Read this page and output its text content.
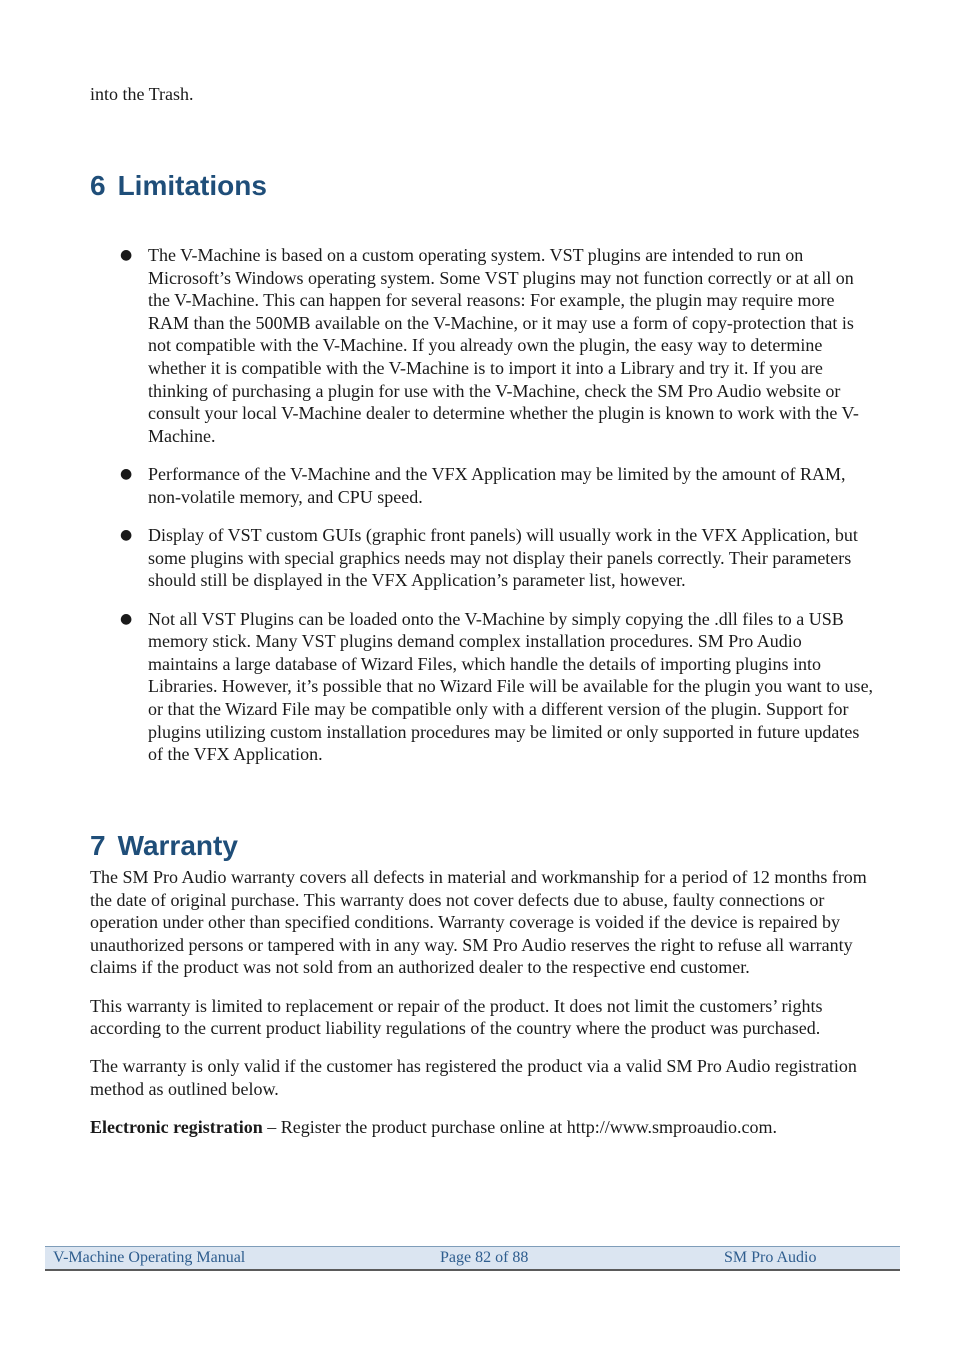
into the Trash.
6 Limitations
● The V-Machine is based on a custom operating system. VST plugins are intended to run on Microsoft’s Windows operating system. Some VST plugins may not function correctly or at all on the V-Machine. This can happen for several reasons: For example, the plugin may require more RAM than the 500MB available on the V-Machine, or it may use a form of copy-protection that is not compatible with the V-Machine. If you already own the plugin, the easy way to determine whether it is compatible with the V-Machine is to import it into a Library and try it. If you are thinking of purchasing a plugin for use with the V-Machine, check the SM Pro Audio website or consult your local V-Machine dealer to determine whether the plugin is known to work with the V-Machine.
● Performance of the V-Machine and the VFX Application may be limited by the amount of RAM, non-volatile memory, and CPU speed.
● Display of VST custom GUIs (graphic front panels) will usually work in the VFX Application, but some plugins with special graphics needs may not display their panels correctly. Their parameters should still be displayed in the VFX Application’s parameter list, however.
● Not all VST Plugins can be loaded onto the V-Machine by simply copying the .dll files to a USB memory stick. Many VST plugins demand complex installation procedures. SM Pro Audio maintains a large database of Wizard Files, which handle the details of importing plugins into Libraries. However, it’s possible that no Wizard File will be available for the plugin you want to use, or that the Wizard File may be compatible only with a different version of the plugin. Support for plugins utilizing custom installation procedures may be limited or only supported in future updates of the VFX Application.
7 Warranty

The SM Pro Audio warranty covers all defects in material and workmanship for a period of 12 months from the date of original purchase. This warranty does not cover defects due to abuse, faulty connections or operation under other than specified conditions. Warranty coverage is voided if the device is repaired by unauthorized persons or tampered with in any way. SM Pro Audio reserves the right to refuse all warranty claims if the product was not sold from an authorized dealer to the respective end customer.

This warranty is limited to replacement or repair of the product. It does not limit the customers’ rights according to the current product liability regulations of the country where the product was purchased.

The warranty is only valid if the customer has registered the product via a valid SM Pro Audio registration method as outlined below.

Electronic registration – Register the product purchase online at http://www.smproaudio.com.

V-Machine Operating Manual	Page 82 of 88	SM Pro Audio
